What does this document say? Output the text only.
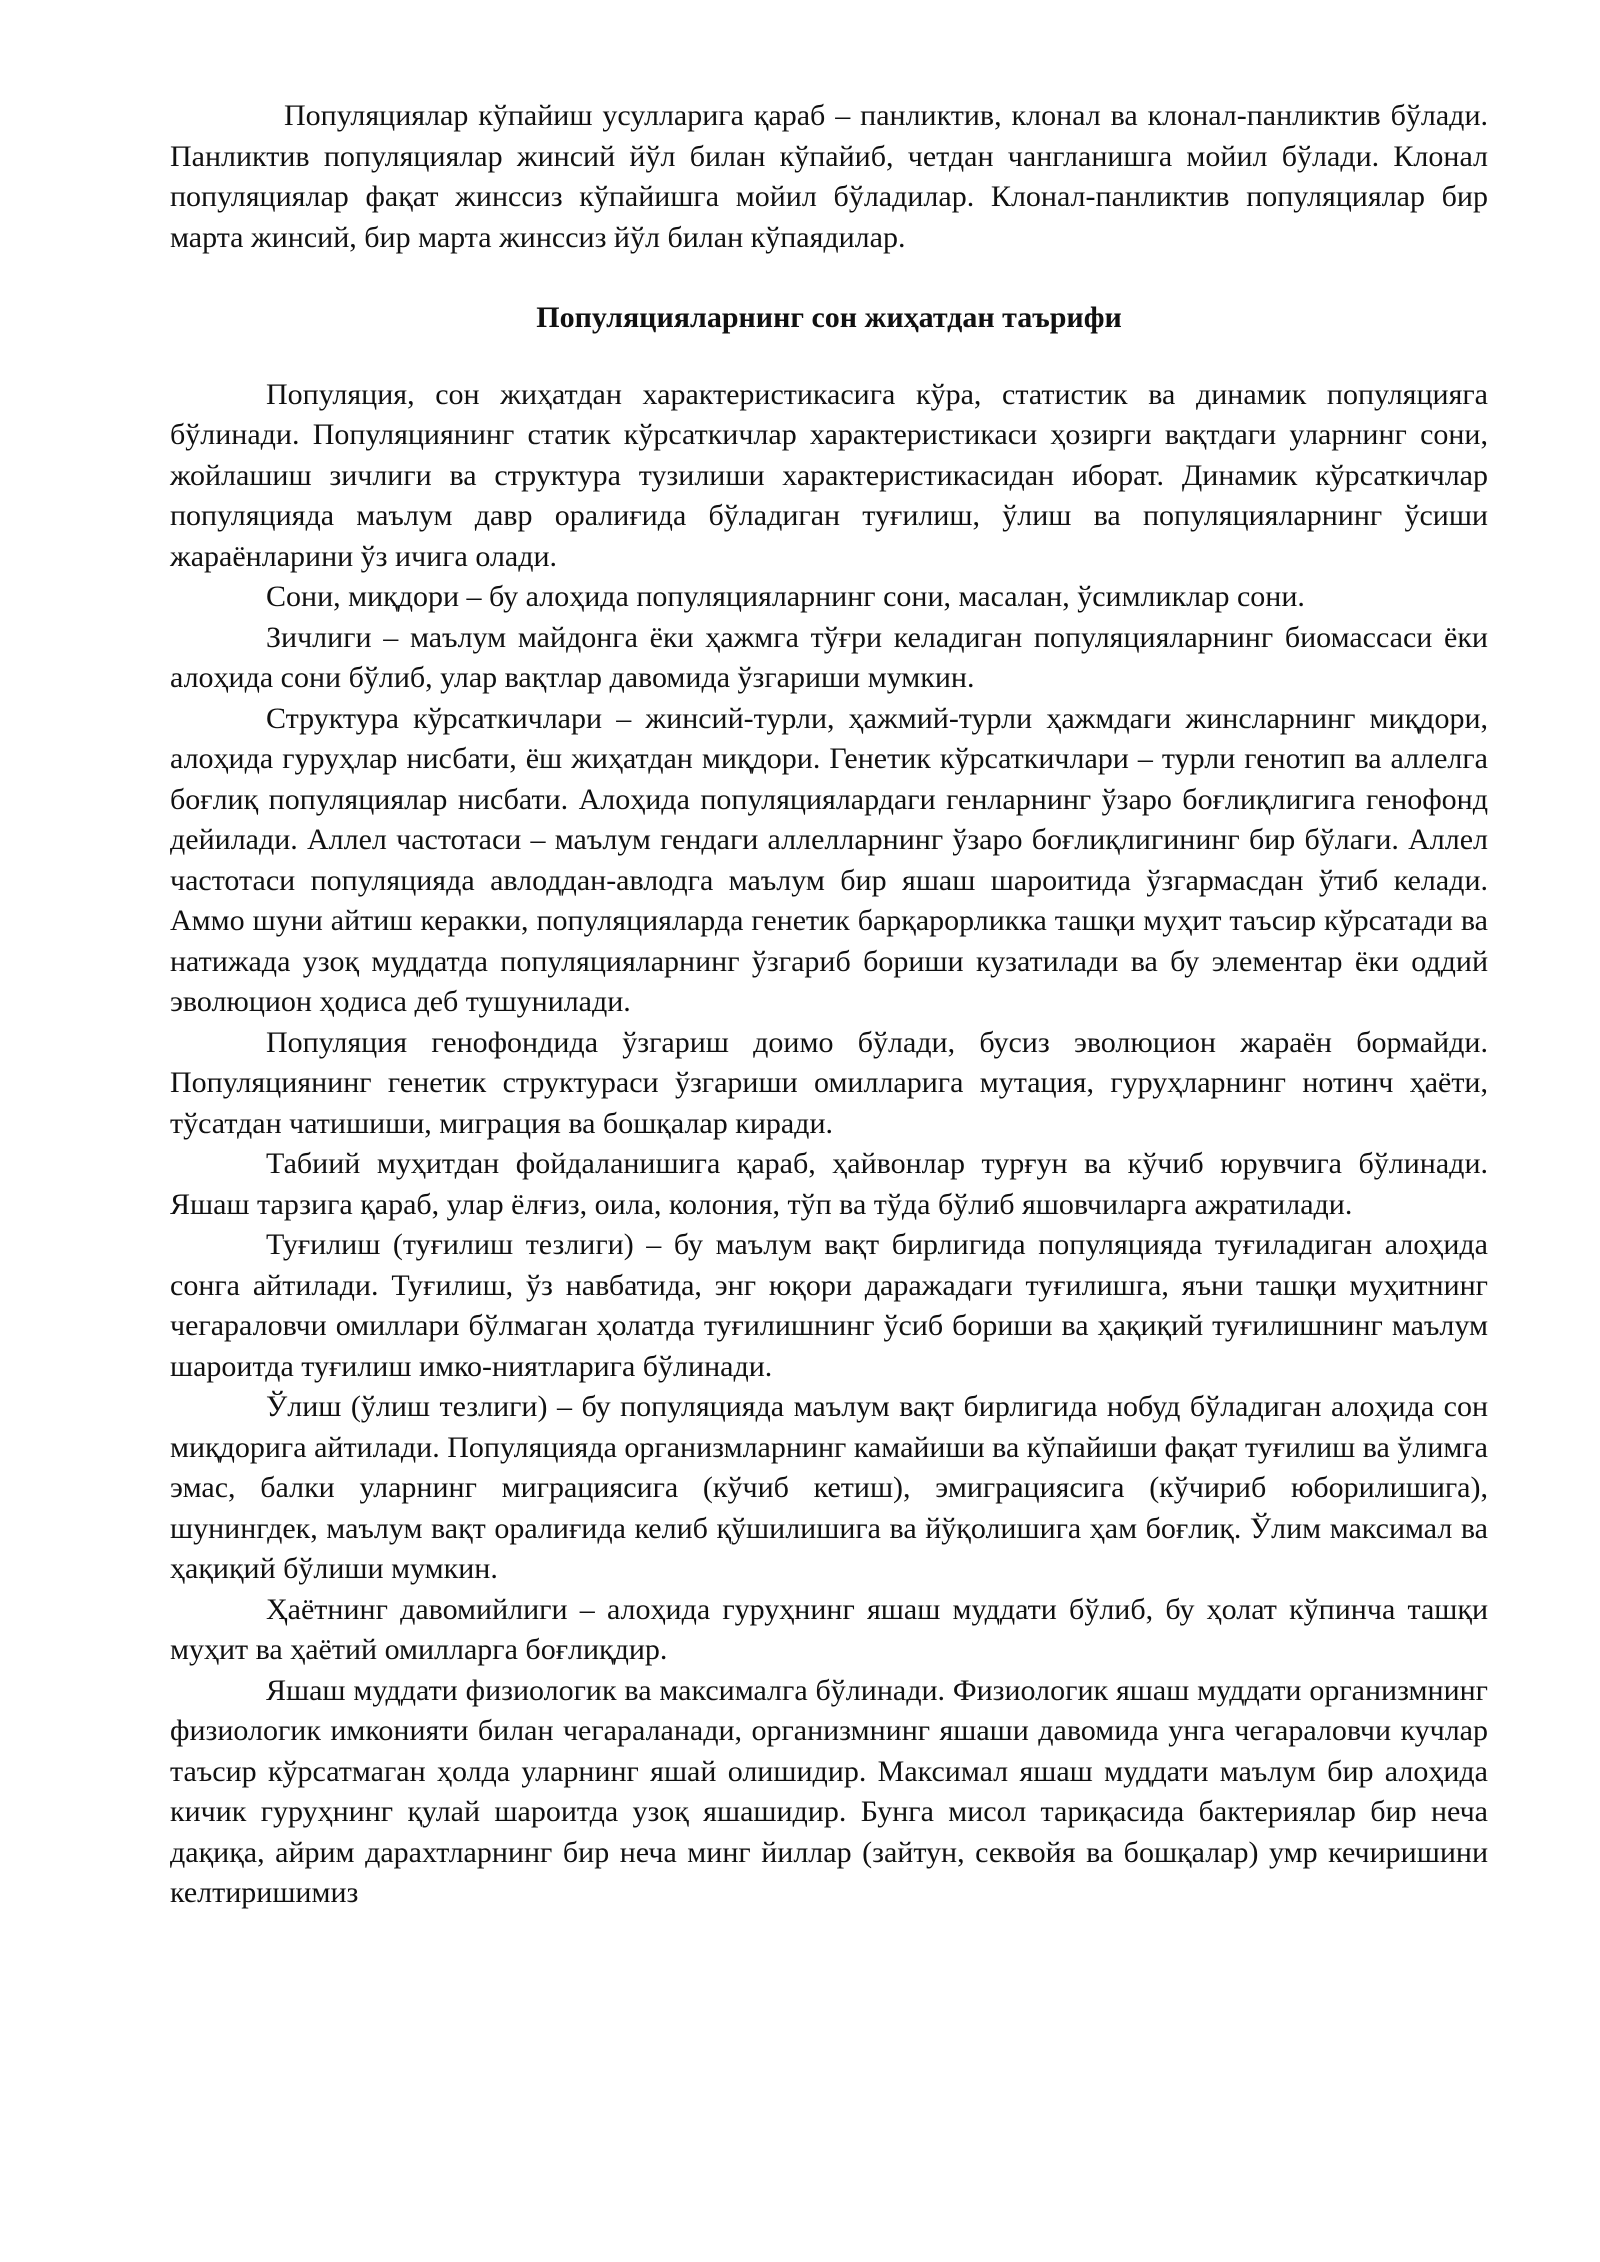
Популяциялар кўпайиш усулларига қараб – панликтив, клонал ва клонал-панликтив бўлади. Панликтив популяциялар жинсий йўл билан кўпайиб, четдан чангланишга мойил бўлади. Клонал популяциялар фақат жинссиз кўпайишга мойил бўладилар. Клонал-панликтив популяциялар бир марта жинсий, бир марта жинссиз йўл билан кўпаядилар.

Популяцияларнинг сон жиҳатдан таърифи

Популяция, сон жиҳатдан характеристикасига кўра, статистик ва динамик популяцияга бўлинади. Популяциянинг статик кўрсаткичлар характеристикаси ҳозирги вақтдаги уларнинг сони, жойлашиш зичлиги ва структура тузилиши характеристикасидан иборат. Динамик кўрсаткичлар популяцияда маълум давр оралиғида бўладиган туғилиш, ўлиш ва популяцияларнинг ўсиши жараёнларини ўз ичига олади.

Сони, миқдори – бу алоҳида популяцияларнинг сони, масалан, ўсимликлар сони.

Зичлиги – маълум майдонга ёки ҳажмга тўғри келадиган популяцияларнинг биомассаси ёки алоҳида сони бўлиб, улар вақтлар давомида ўзгариши мумкин.

Структура кўрсаткичлари – жинсий-турли, ҳажмий-турли ҳажмдаги жинсларнинг миқдори, алоҳида гуруҳлар нисбати, ёш жиҳатдан миқдори. Генетик кўрсаткичлари – турли генотип ва аллелга боғлиқ популяциялар нисбати. Алоҳида популяциялардаги генларнинг ўзаро боғлиқлигига генофонд дейилади. Аллел частотаси – маълум гендаги аллелларнинг ўзаро боғлиқлигининг бир бўлаги. Аллел частотаси популяцияда авлоддан-авлодга маълум бир яшаш шароитида ўзгармасдан ўтиб келади. Аммо шуни айтиш керакки, популяцияларда генетик барқарорликка ташқи муҳит таъсир кўрсатади ва натижада узоқ муддатда популяцияларнинг ўзгариб бориши кузатилади ва бу элементар ёки оддий эволюцион ҳодиса деб тушунилади.

Популяция генофондида ўзгариш доимо бўлади, бусиз эволюцион жараён бормайди. Популяциянинг генетик структураси ўзгариши омилларига мутация, гуруҳларнинг нотинч ҳаёти, тўсатдан чатишиши, миграция ва бошқалар киради.

Табиий муҳитдан фойдаланишига қараб, ҳайвонлар турғун ва кўчиб юрувчига бўлинади. Яшаш тарзига қараб, улар ёлғиз, оила, колония, тўп ва тўда бўлиб яшовчиларга ажратилади.

Туғилиш (туғилиш тезлиги) – бу маълум вақт бирлигида популяцияда туғиладиган алоҳида сонга айтилади. Туғилиш, ўз навбатида, энг юқори даражадаги туғилишга, яъни ташқи муҳитнинг чегараловчи омиллари бўлмаган ҳолатда туғилишнинг ўсиб бориши ва ҳақиқий туғилишнинг маълум шароитда туғилиш имко-ниятларига бўлинади.

Ўлиш (ўлиш тезлиги) – бу популяцияда маълум вақт бирлигида нобуд бўладиган алоҳида сон миқдорига айтилади. Популяцияда организмларнинг камайиши ва кўпайиши фақат туғилиш ва ўлимга эмас, балки уларнинг миграциясига (кўчиб кетиш), эмиграциясига (кўчириб юборилишига), шунингдек, маълум вақт оралиғида келиб қўшилишига ва йўқолишига ҳам боғлиқ. Ўлим максимал ва ҳақиқий бўлиши мумкин.

Ҳаётнинг давомийлиги – алоҳида гуруҳнинг яшаш муддати бўлиб, бу ҳолат кўпинча ташқи муҳит ва ҳаётий омилларга боғлиқдир.

Яшаш муддати физиологик ва максималга бўлинади. Физиологик яшаш муддати организмнинг физиологик имконияти билан чегараланади, организмнинг яшаши давомида унга чегараловчи кучлар таъсир кўрсатмаган ҳолда уларнинг яшай олишидир. Максимал яшаш муддати маълум бир алоҳида кичик гуруҳнинг қулай шароитда узоқ яшашидир. Бунга мисол тариқасида бактериялар бир неча дақиқа, айрим дарахтларнинг бир неча минг йиллар (зайтун, секвойя ва бошқалар) умр кечиришини келтиришимиз
